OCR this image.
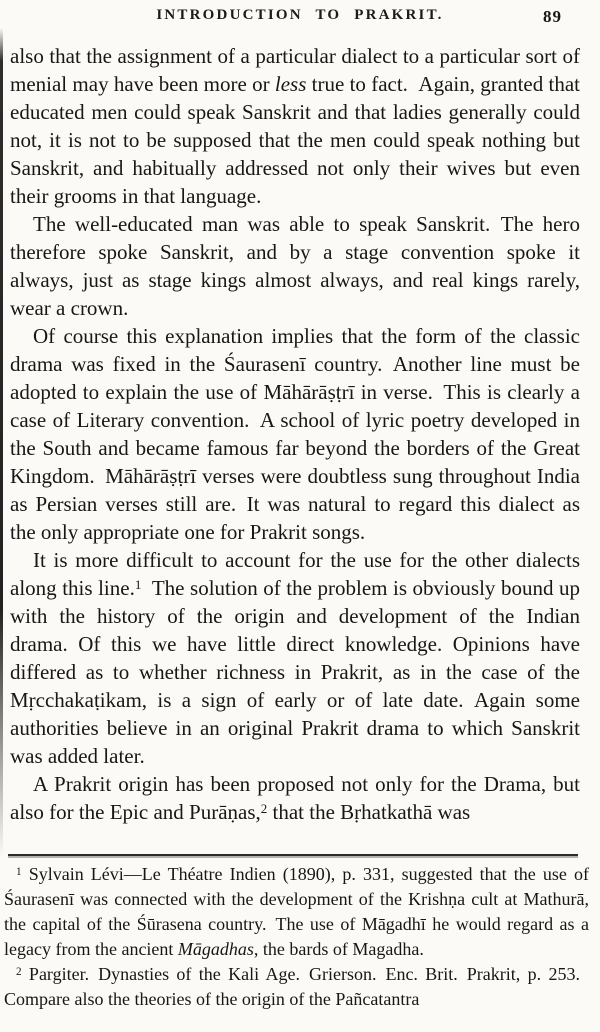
INTRODUCTION TO PRAKRIT.	89

also that the assignment of a particular dialect to a particular sort of menial may have been more or less true to fact. Again, granted that educated men could speak Sanskrit and that ladies generally could not, it is not to be supposed that the men could speak nothing but Sanskrit, and habitually addressed not only their wives but even their grooms in that language.

The well-educated man was able to speak Sanskrit. The hero therefore spoke Sanskrit, and by a stage convention spoke it always, just as stage kings almost always, and real kings rarely, wear a crown.

Of course this explanation implies that the form of the classic drama was fixed in the Śaurasenī country. Another line must be adopted to explain the use of Māhārāṣṭrī in verse. This is clearly a case of Literary convention. A school of lyric poetry developed in the South and became famous far beyond the borders of the Great Kingdom. Māhārāṣṭrī verses were doubtless sung throughout India as Persian verses still are. It was natural to regard this dialect as the only appropriate one for Prakrit songs.

It is more difficult to account for the use for the other dialects along this line.$^1$ The solution of the problem is obviously bound up with the history of the origin and development of the Indian drama. Of this we have little direct knowledge. Opinions have differed as to whether richness in Prakrit, as in the case of the Mṛcchakaṭikam, is a sign of early or of late date. Again some authorities believe in an original Prakrit drama to which Sanskrit was added later.

A Prakrit origin has been proposed not only for the Drama, but also for the Epic and Purāṇas,$^2$ that the Bṛhatkathā was

$^1$ Sylvain Lévi—Le Théatre Indien (1890), p. 331, suggested that the use of Śaurasenī was connected with the development of the Krishṇa cult at Mathurā, the capital of the Śūrasena country. The use of Māgadhī he would regard as a legacy from the ancient Māgadhas, the bards of Magadha.

$^2$ Pargiter. Dynasties of the Kali Age. Grierson. Enc. Brit. Prakrit, p. 253. Compare also the theories of the origin of the Pañcatantra
